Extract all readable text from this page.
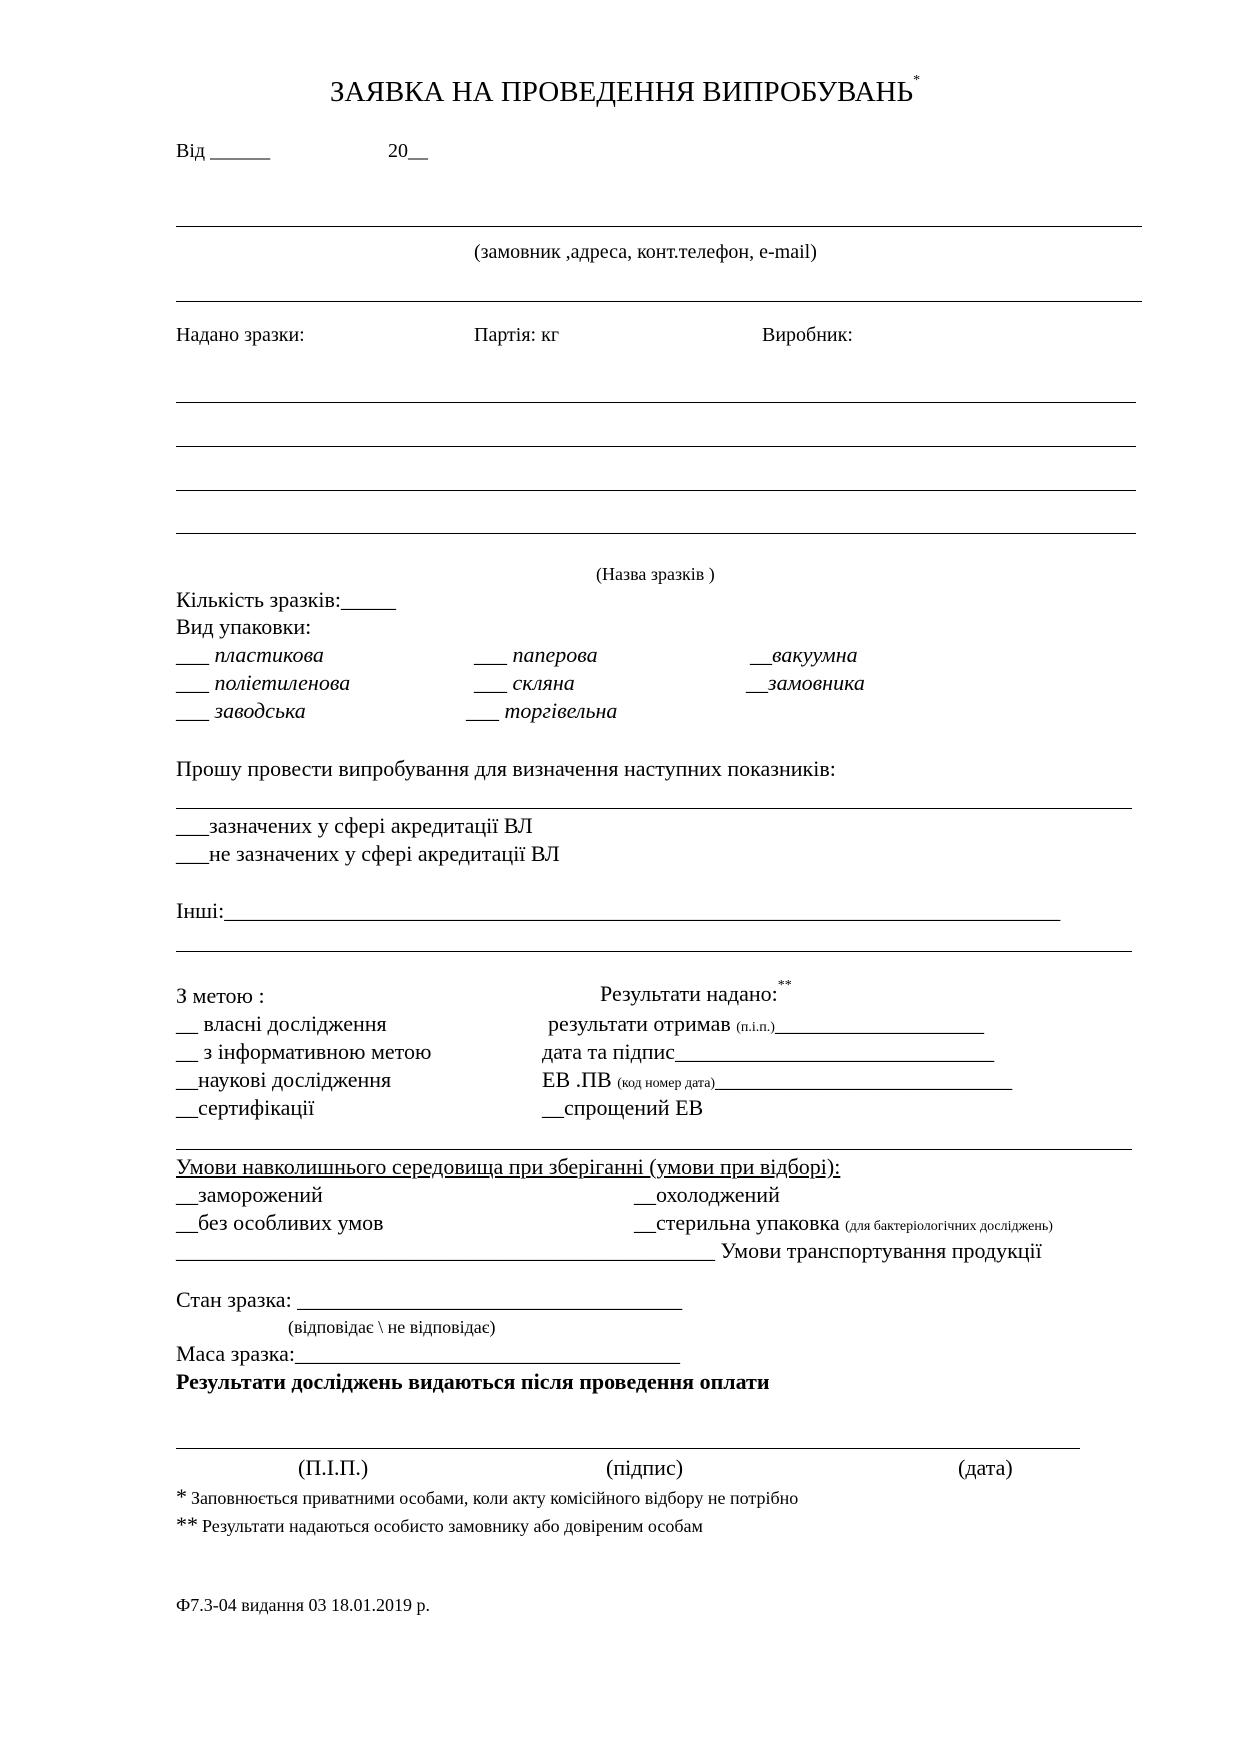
ЗАЯВКА НА ПРОВЕДЕННЯ ВИПРОБУВАНЬ*
Від ______	20__
(замовник ,адреса, конт.телефон, e-mail)
Надано зразки:	Партія: кг	Виробник:
(Назва зразків )
Кількість зразків:_____
Вид упаковки:
___ пластикова	___ паперова	__вакуумна
___ поліетиленова	___ скляна	__замовника
___ заводська	___ торгівельна
Прошу провести випробування для визначення наступних показників:
___зазначених у сфері акредитації ВЛ
___не зазначених у сфері акредитації ВЛ
Інші:____________________________________________________________________________
З метою :	Результати надано:**
__ власні дослідження	результати отримав (п.і.п.)___________________
__ з інформативною метою	дата та підпис_____________________________
__наукові дослідження	ЕВ .ПВ (код номер дата)___________________________
__сертифікації	__спрощений ЕВ
Умови навколишнього середовища при зберіганні (умови при відборі):
__заморожений	__охолоджений
__без особливих умов	__стерильна упаковка (для бактеріологічних досліджень)
_________________________________________________ Умови транспортування продукції
Стан зразка: ___________________________________
(відповідає \ не відповідає)
Маса зразка:___________________________________
Результати досліджень видаються після проведення оплати
(П.І.П.)	(підпис)	(дата)
* Заповнюється приватними особами, коли акту комісійного відбору не потрібно
** Результати надаються особисто замовнику або довіреним особам
Ф7.3-04 видання 03 18.01.2019 р.
